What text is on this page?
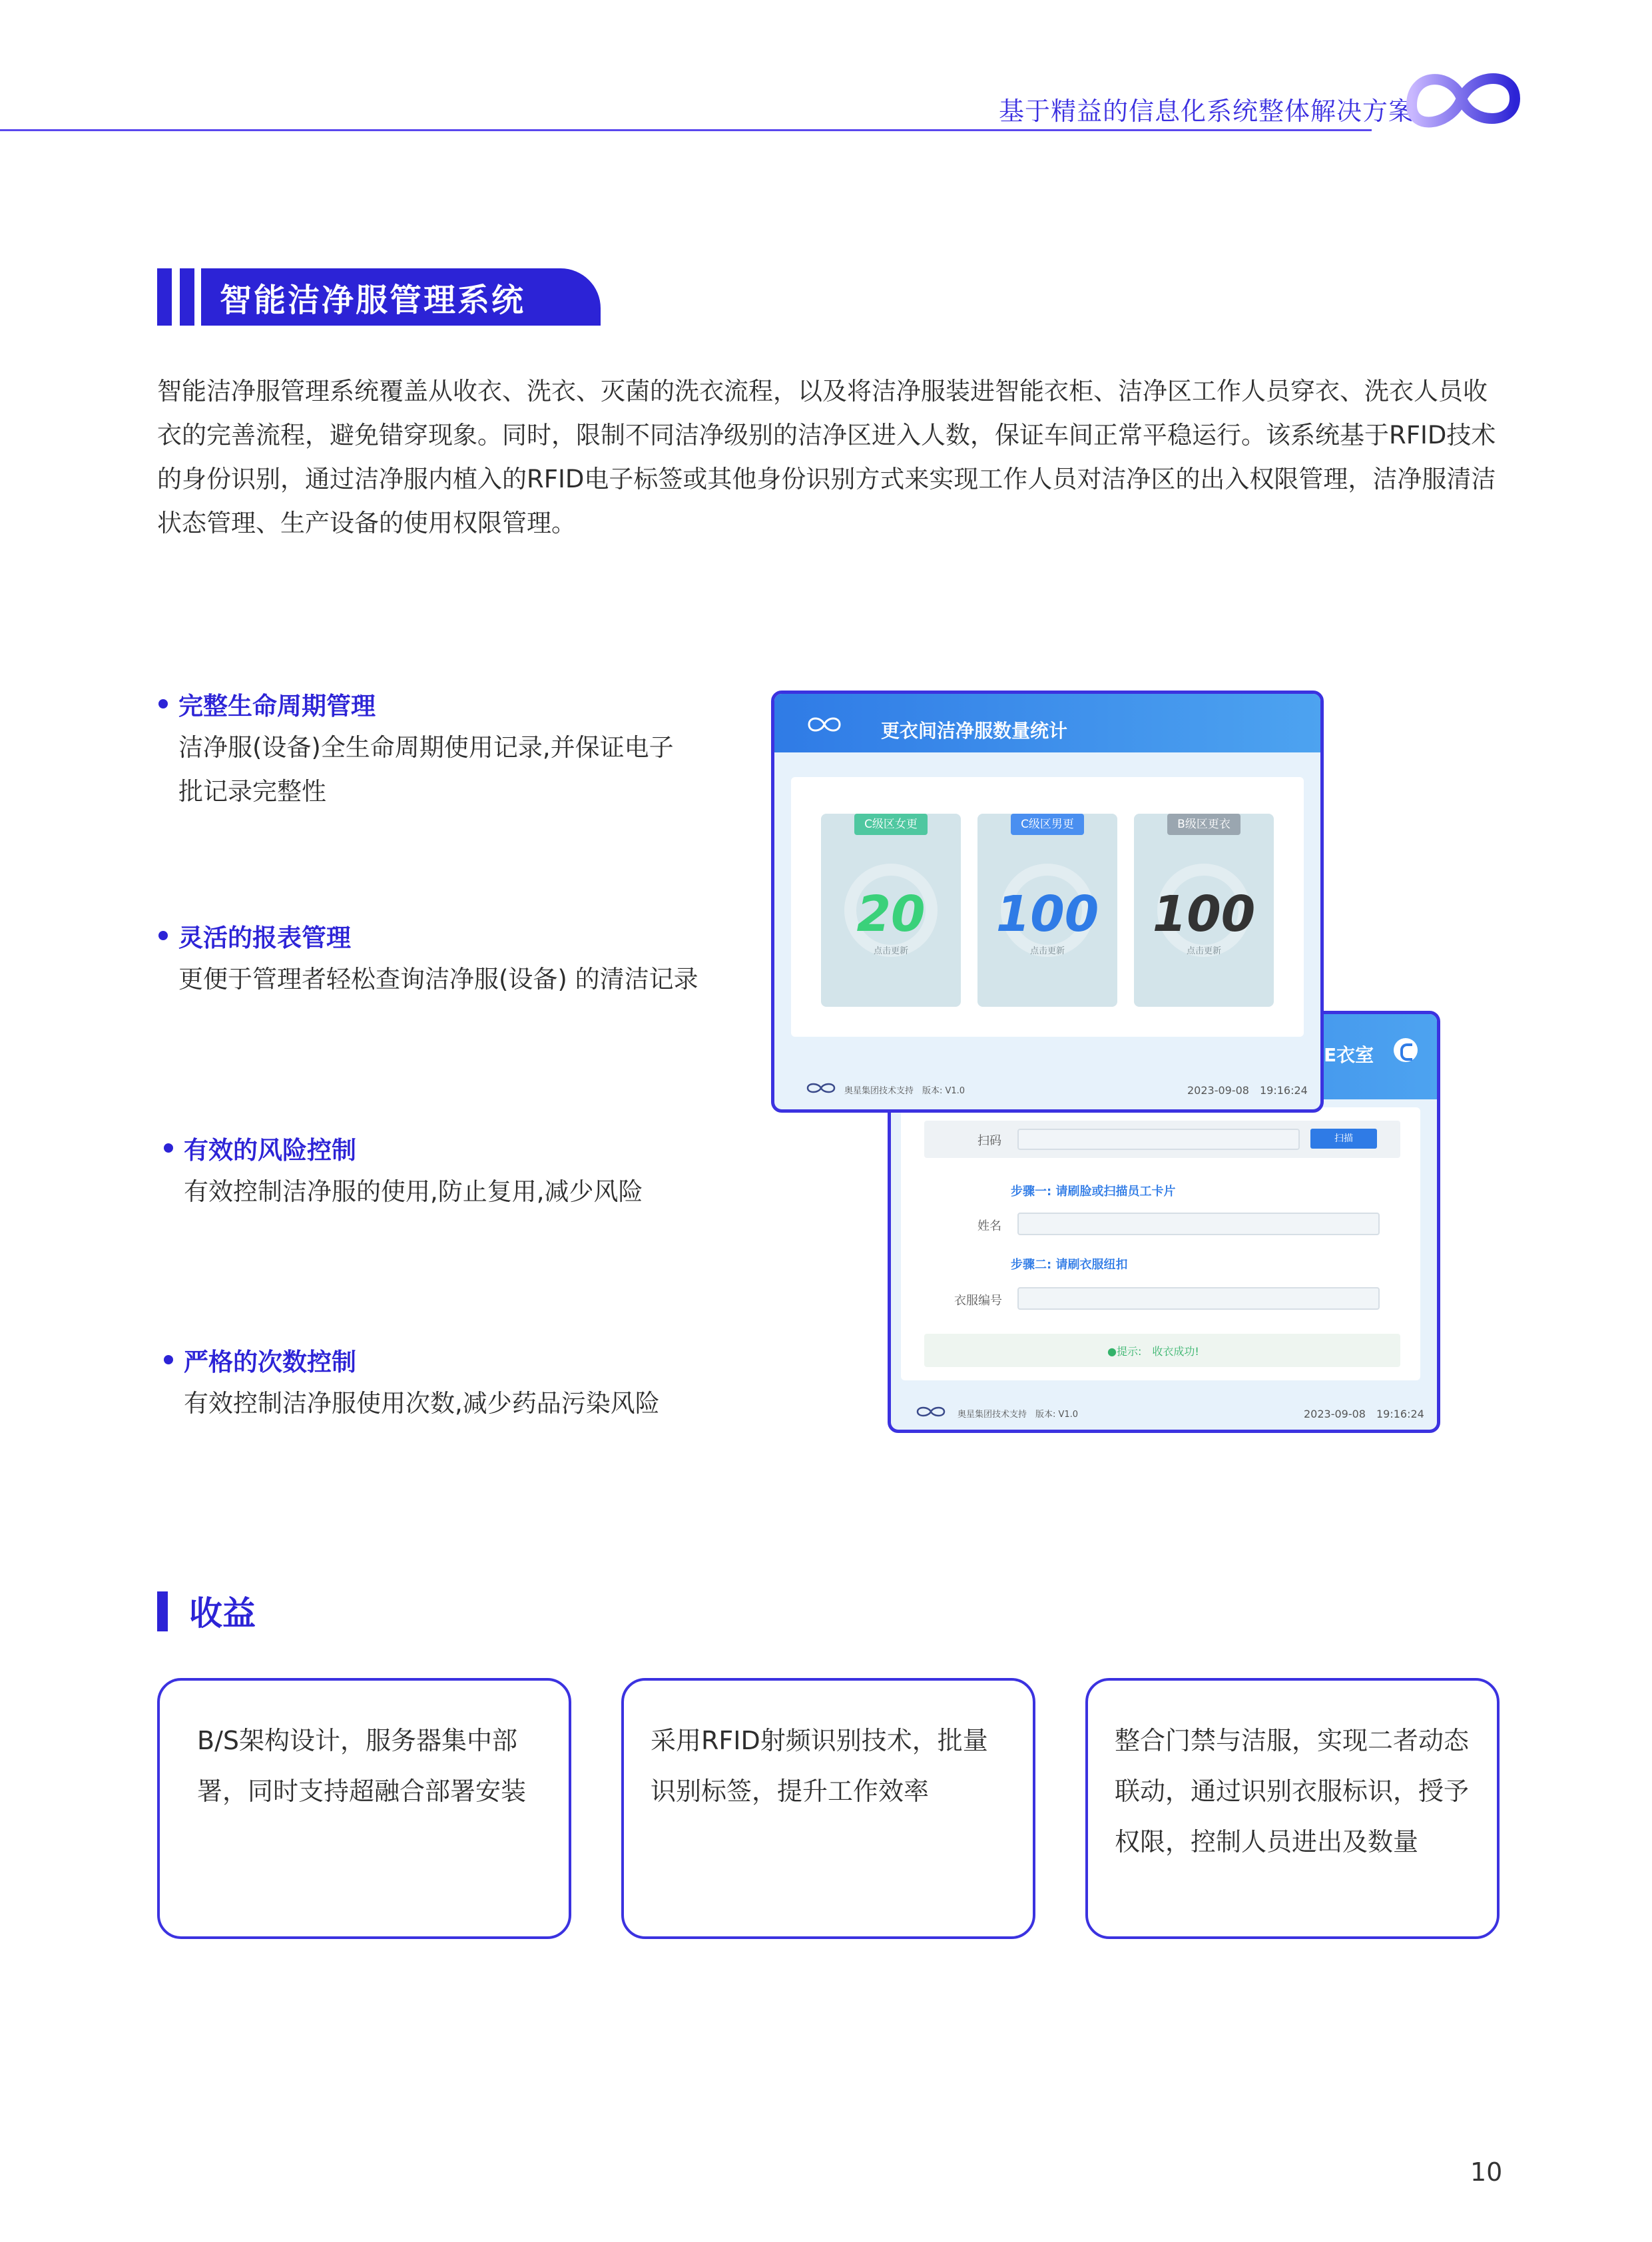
基于精益的信息化系统整体解决方案
智能洁净服管理系统
智能洁净服管理系统覆盖从收衣、洗衣、灭菌的洗衣流程，以及将洁净服装进智能衣柜、洁净区工作人员穿衣、洗衣人员收衣的完善流程，避免错穿现象。同时，限制不同洁净级别的洁净区进入人数，保证车间正常平稳运行。该系统基于RFID技术的身份识别，通过洁净服内植入的RFID电子标签或其他身份识别方式来实现工作人员对洁净区的出入权限管理，洁净服清洁状态管理、生产设备的使用权限管理。
完整生命周期管理
洁净服(设备)全生命周期使用记录,并保证电子批记录完整性
灵活的报表管理
更便于管理者轻松查询洁净服(设备) 的清洁记录
有效的风险控制
有效控制洁净服的使用,防止复用,减少风险
严格的次数控制
有效控制洁净服使用次数,减少药品污染风险
E衣室
扫码	扫描
步骤一: 请刷脸或扫描员工卡片
姓名
步骤二: 请刷衣服纽扣
衣服编号
●提示:　收衣成功!
奥星集团技术支持　版本: V1.0	2023-09-08　19:16:24
更衣间洁净服数量统计
C级区女更
20
点击更新
C级区男更
100
点击更新
B级区更衣
100
点击更新
奥星集团技术支持　版本: V1.0	2023-09-08　19:16:24
收益
B/S架构设计，服务器集中部署，同时支持超融合部署安装
采用RFID射频识别技术，批量识别标签，提升工作效率
整合门禁与洁服，实现二者动态联动，通过识别衣服标识，授予权限，控制人员进出及数量
10
